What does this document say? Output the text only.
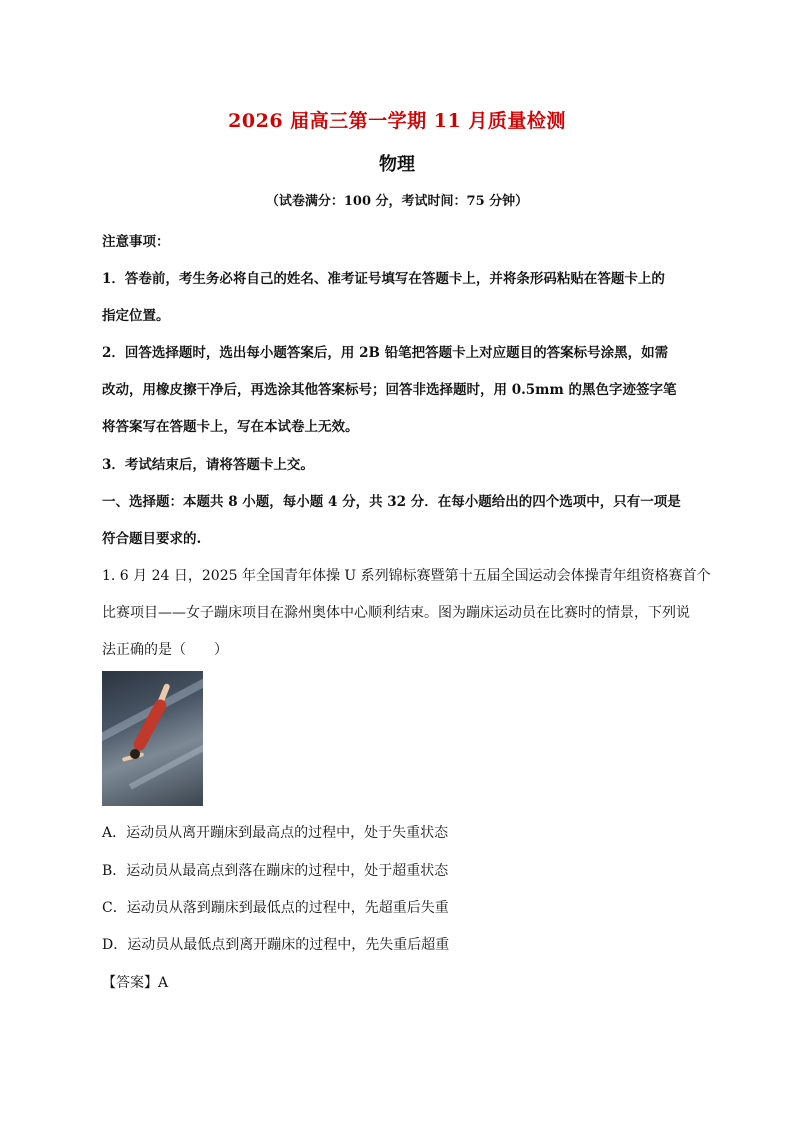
2026 届高三第一学期 11 月质量检测
物理
（试卷满分：100 分，考试时间：75 分钟）
注意事项：
1．答卷前，考生务必将自己的姓名、准考证号填写在答题卡上，并将条形码粘贴在答题卡上的
指定位置。
2．回答选择题时，选出每小题答案后，用 2B 铅笔把答题卡上对应题目的答案标号涂黑，如需
改动，用橡皮擦干净后，再选涂其他答案标号；回答非选择题时，用 0.5mm 的黑色字迹签字笔
将答案写在答题卡上，写在本试卷上无效。
3．考试结束后，请将答题卡上交。
一、选择题：本题共 8 小题，每小题 4 分，共 32 分．在每小题给出的四个选项中，只有一项是
符合题目要求的.
1. 6 月 24 日，2025 年全国青年体操 U 系列锦标赛暨第十五届全国运动会体操青年组资格赛首个
比赛项目——女子蹦床项目在滁州奥体中心顺利结束。图为蹦床运动员在比赛时的情景，下列说
法正确的是（　　）
A．运动员从离开蹦床到最高点的过程中，处于失重状态
B．运动员从最高点到落在蹦床的过程中，处于超重状态
C．运动员从落到蹦床到最低点的过程中，先超重后失重
D．运动员从最低点到离开蹦床的过程中，先失重后超重
【答案】A
